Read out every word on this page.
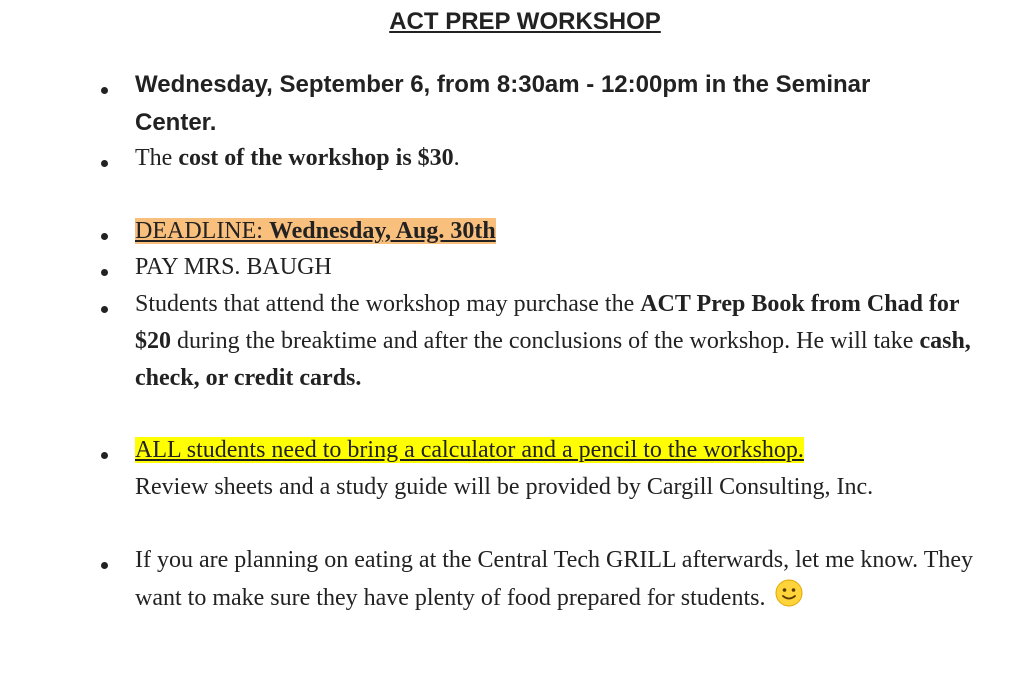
ACT PREP WORKSHOP

Wednesday, September 6, from 8:30am - 12:00pm in the Seminar Center.

The cost of the workshop is $30.

DEADLINE: Wednesday, Aug. 30th

PAY MRS. BAUGH

Students that attend the workshop may purchase the ACT Prep Book from Chad for $20 during the breaktime and after the conclusions of the workshop. He will take cash, check, or credit cards.

ALL students need to bring a calculator and a pencil to the workshop.
Review sheets and a study guide will be provided by Cargill Consulting, Inc.

If you are planning on eating at the Central Tech GRILL afterwards, let me know. They want to make sure they have plenty of food prepared for students.
